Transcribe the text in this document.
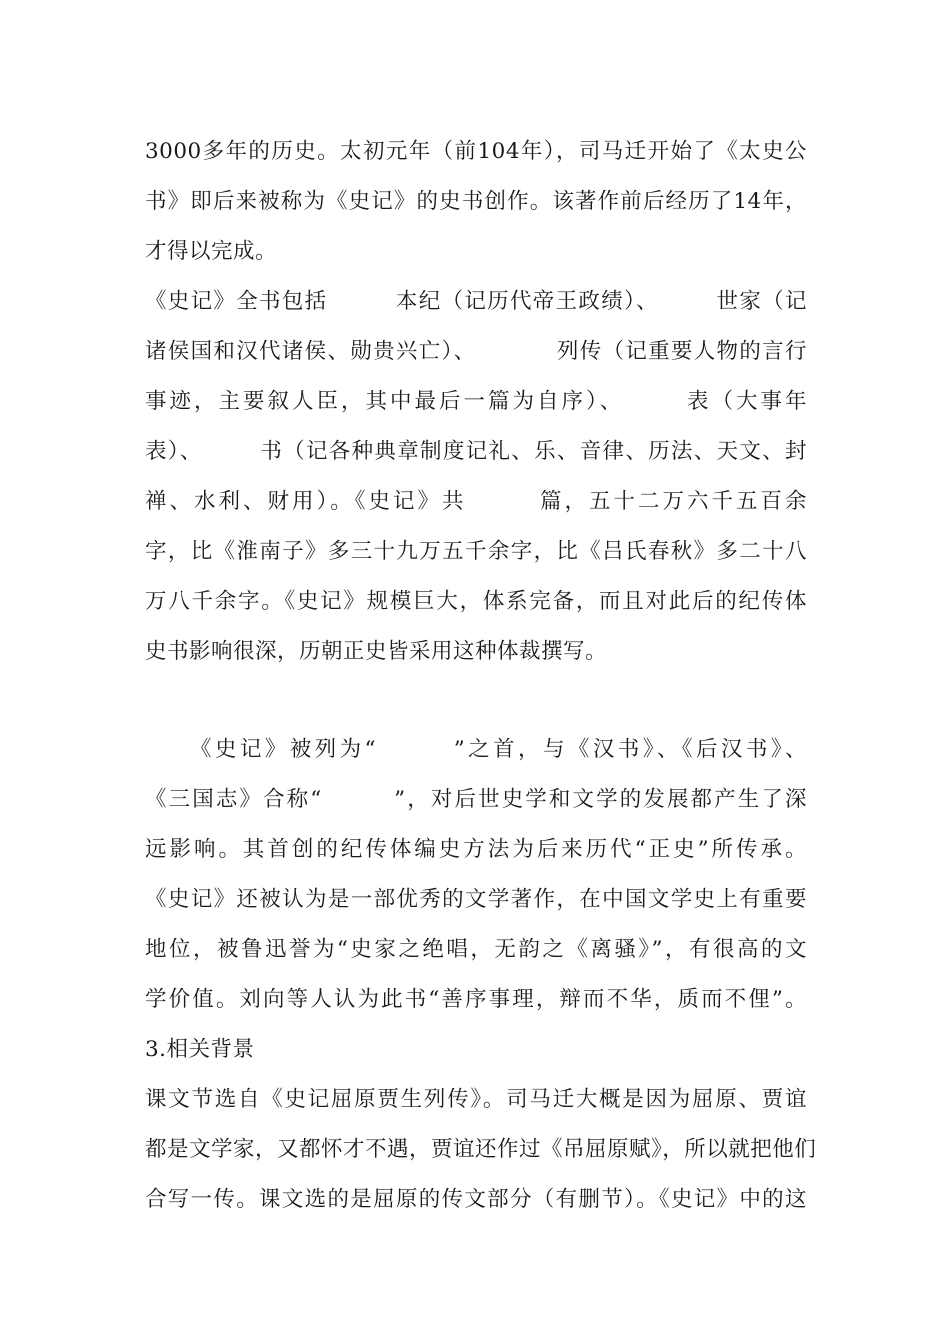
3000多年的历史。太初元年（前104年），司马迁开始了《太史公
书》即后来被称为《史记》的史书创作。该著作前后经历了14年，
才得以完成。
《史记》全书包括　　　本纪（记历代帝王政绩）、　　　世家（记
诸侯国和汉代诸侯、勋贵兴亡）、　　　　列传（记重要人物的言行
事迹，主要叙人臣，其中最后一篇为自序）、　　　表（大事年
表）、　　　书（记各种典章制度记礼、乐、音律、历法、天文、封
禅、水利、财用）。《史记》共　　　篇，五十二万六千五百余
字，比《淮南子》多三十九万五千余字，比《吕氏春秋》多二十八
万八千余字。《史记》规模巨大，体系完备，而且对此后的纪传体
史书影响很深，历朝正史皆采用这种体裁撰写。
《史记》被列为“　　　”之首，与《汉书》、《后汉书》、
《三国志》合称“　　　”，对后世史学和文学的发展都产生了深
远影响。其首创的纪传体编史方法为后来历代“正史”所传承。
《史记》还被认为是一部优秀的文学著作，在中国文学史上有重要
地位，被鲁迅誉为“史家之绝唱，无韵之《离骚》”，有很高的文
学价值。刘向等人认为此书“善序事理，辩而不华，质而不俚”。
3.相关背景
课文节选自《史记屈原贾生列传》。司马迁大概是因为屈原、贾谊
都是文学家，又都怀才不遇，贾谊还作过《吊屈原赋》，所以就把他们
合写一传。课文选的是屈原的传文部分（有删节）。《史记》中的这
